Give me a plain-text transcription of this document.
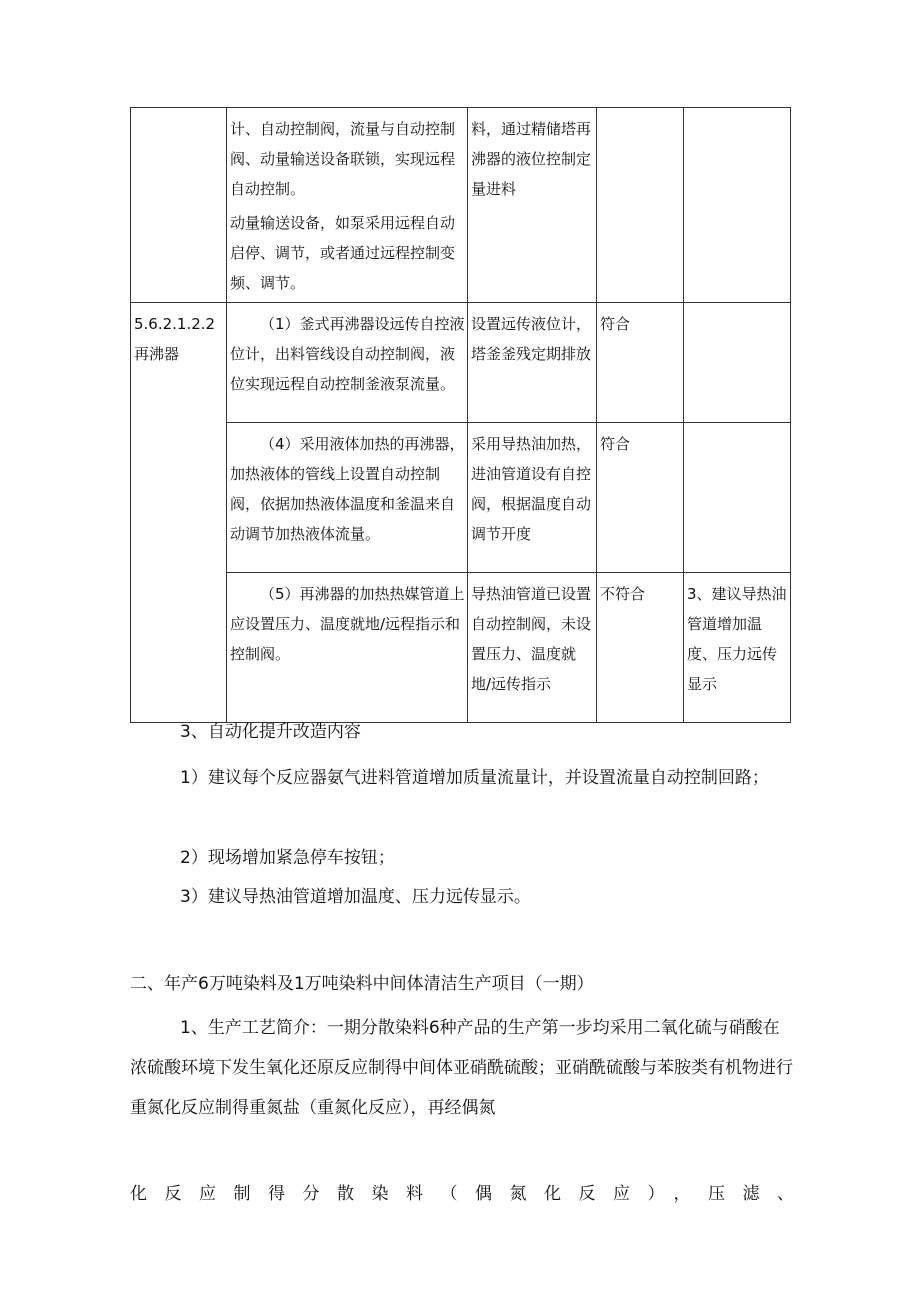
	计、自动控制阀，流量与自动控制阀、动量输送设备联锁，实现远程自动控制。

动量输送设备，如泵采用远程自动启停、调节，或者通过远程控制变频、调节。	料，通过精储塔再沸器的液位控制定量进料		
5.6.2.1.2.2再沸器	（1）釜式再沸器设远传自控液位计，出料管线设自动控制阀，液位实现远程自动控制釜液泵流量。	设置远传液位计，塔釜釜残定期排放	符合	

	（4）采用液体加热的再沸器，加热液体的管线上设置自动控制阀，依据加热液体温度和釜温来自动调节加热液体流量。	采用导热油加热，进油管道设有自控阀，根据温度自动调节开度	符合	

	（5）再沸器的加热热媒管道上应设置压力、温度就地/远程指示和控制阀。	导热油管道已设置自动控制阀，未设置压力、温度就地/远传指示	不符合	3、建议导热油管道增加温度、压力远传显示

3、自动化提升改造内容

1）建议每个反应器氨气进料管道增加质量流量计，并设置流量自动控制回路；

2）现场增加紧急停车按钮；

3）建议导热油管道增加温度、压力远传显示。

二、年产6万吨染料及1万吨染料中间体清洁生产项目（一期）

1、生产工艺简介：一期分散染料6种产品的生产第一步均采用二氧化硫与硝酸在浓硫酸环境下发生氧化还原反应制得中间体亚硝酰硫酸；亚硝酰硫酸与苯胺类有机物进行重氮化反应制得重氮盐（重氮化反应），再经偶氮

化反应制得分散染料（偶氮化反应），压滤、
